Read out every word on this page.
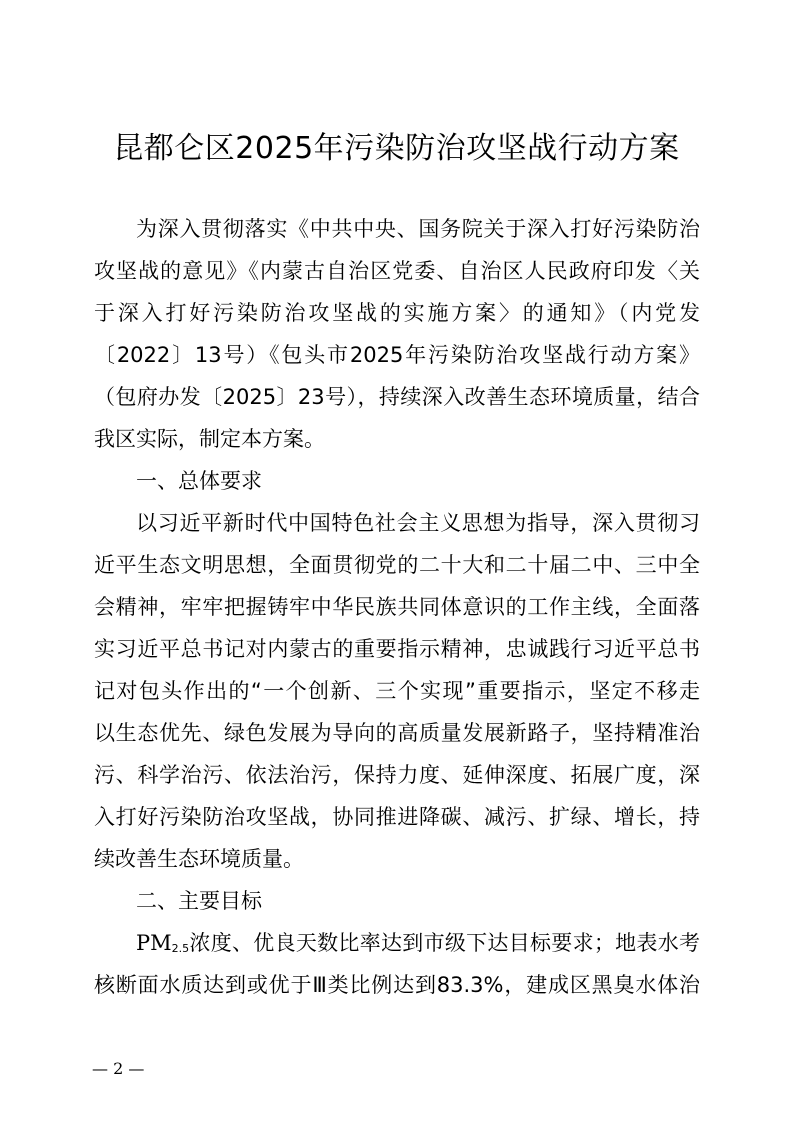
昆都仑区2025年污染防治攻坚战行动方案
为深入贯彻落实《中共中央、国务院关于深入打好污染防治
攻坚战的意见》《内蒙古自治区党委、自治区人民政府印发〈关
于深入打好污染防治攻坚战的实施方案〉的通知》（内党发
〔2022〕13号）《包头市2025年污染防治攻坚战行动方案》
（包府办发〔2025〕23号），持续深入改善生态环境质量，结合
我区实际，制定本方案。
一、总体要求
以习近平新时代中国特色社会主义思想为指导，深入贯彻习
近平生态文明思想，全面贯彻党的二十大和二十届二中、三中全
会精神，牢牢把握铸牢中华民族共同体意识的工作主线，全面落
实习近平总书记对内蒙古的重要指示精神，忠诚践行习近平总书
记对包头作出的“一个创新、三个实现”重要指示，坚定不移走
以生态优先、绿色发展为导向的高质量发展新路子，坚持精准治
污、科学治污、依法治污，保持力度、延伸深度、拓展广度，深
入打好污染防治攻坚战，协同推进降碳、减污、扩绿、增长，持
续改善生态环境质量。
二、主要目标
$PM_{2.5}$浓度、优良天数比率达到市级下达目标要求；地表水考
核断面水质达到或优于Ⅲ类比例达到83.3%，建成区黑臭水体治
— 2 —
